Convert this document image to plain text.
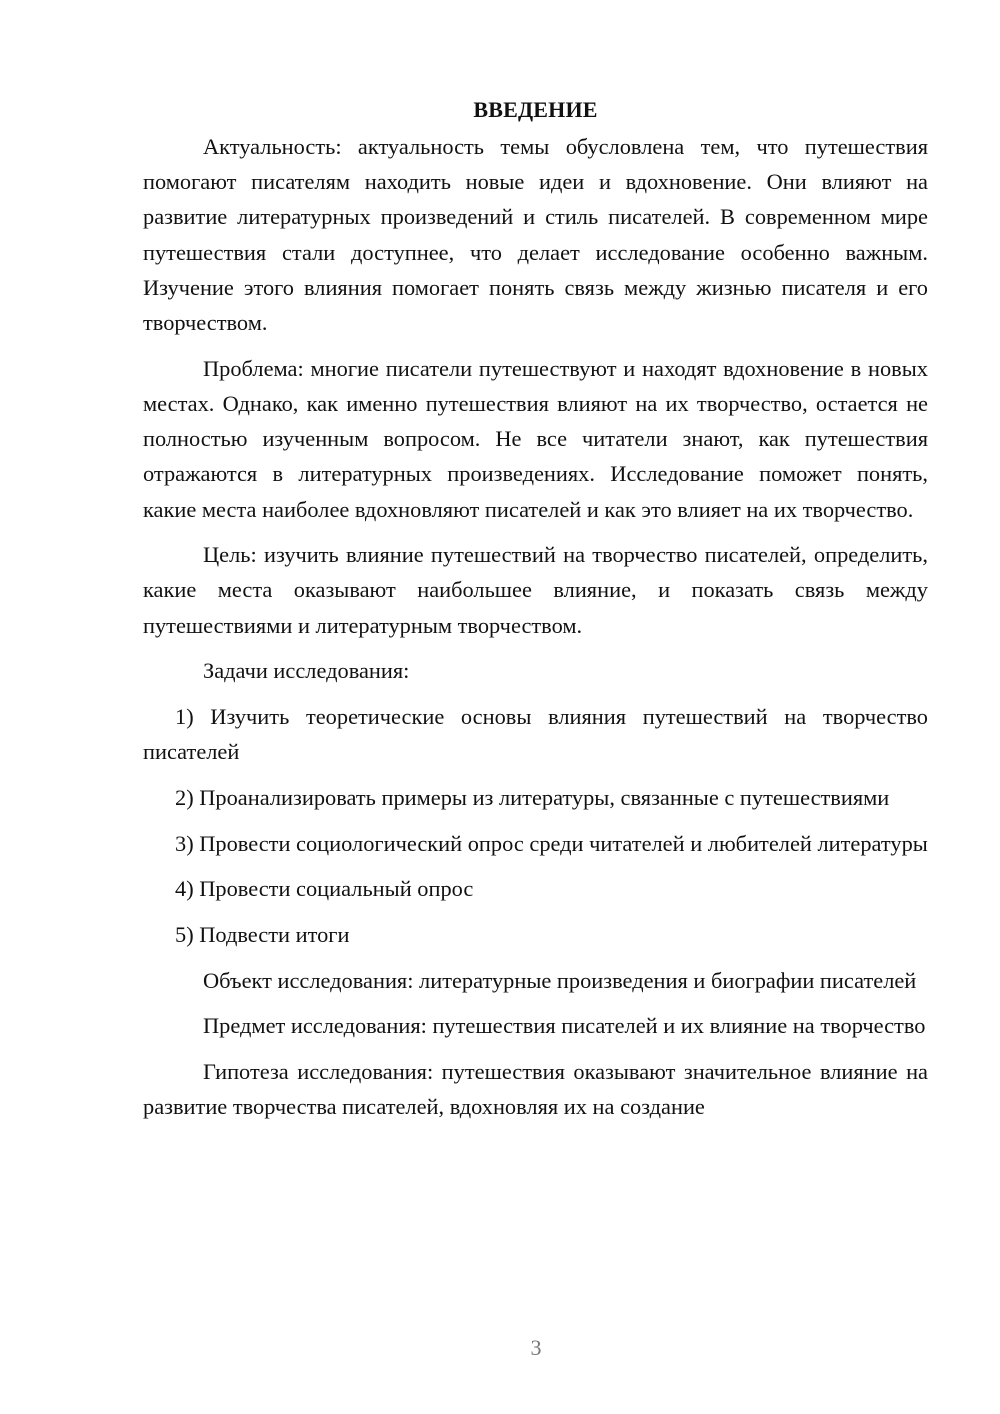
ВВЕДЕНИЕ

Актуальность: актуальность темы обусловлена тем, что путешествия помогают писателям находить новые идеи и вдохновение. Они влияют на развитие литературных произведений и стиль писателей. В современном мире путешествия стали доступнее, что делает исследование особенно важным. Изучение этого влияния помогает понять связь между жизнью писателя и его творчеством.

Проблема: многие писатели путешествуют и находят вдохновение в новых местах. Однако, как именно путешествия влияют на их творчество, остается не полностью изученным вопросом. Не все читатели знают, как путешествия отражаются в литературных произведениях. Исследование поможет понять, какие места наиболее вдохновляют писателей и как это влияет на их творчество.

Цель: изучить влияние путешествий на творчество писателей, определить, какие места оказывают наибольшее влияние, и показать связь между путешествиями и литературным творчеством.

Задачи исследования:

1) Изучить теоретические основы влияния путешествий на творчество писателей

2) Проанализировать примеры из литературы, связанные с путешествиями

3) Провести социологический опрос среди читателей и любителей литературы

4) Провести социальный опрос

5) Подвести итоги

Объект исследования: литературные произведения и биографии писателей

Предмет исследования: путешествия писателей и их влияние на творчество

Гипотеза исследования: путешествия оказывают значительное влияние на развитие творчества писателей, вдохновляя их на создание

3
